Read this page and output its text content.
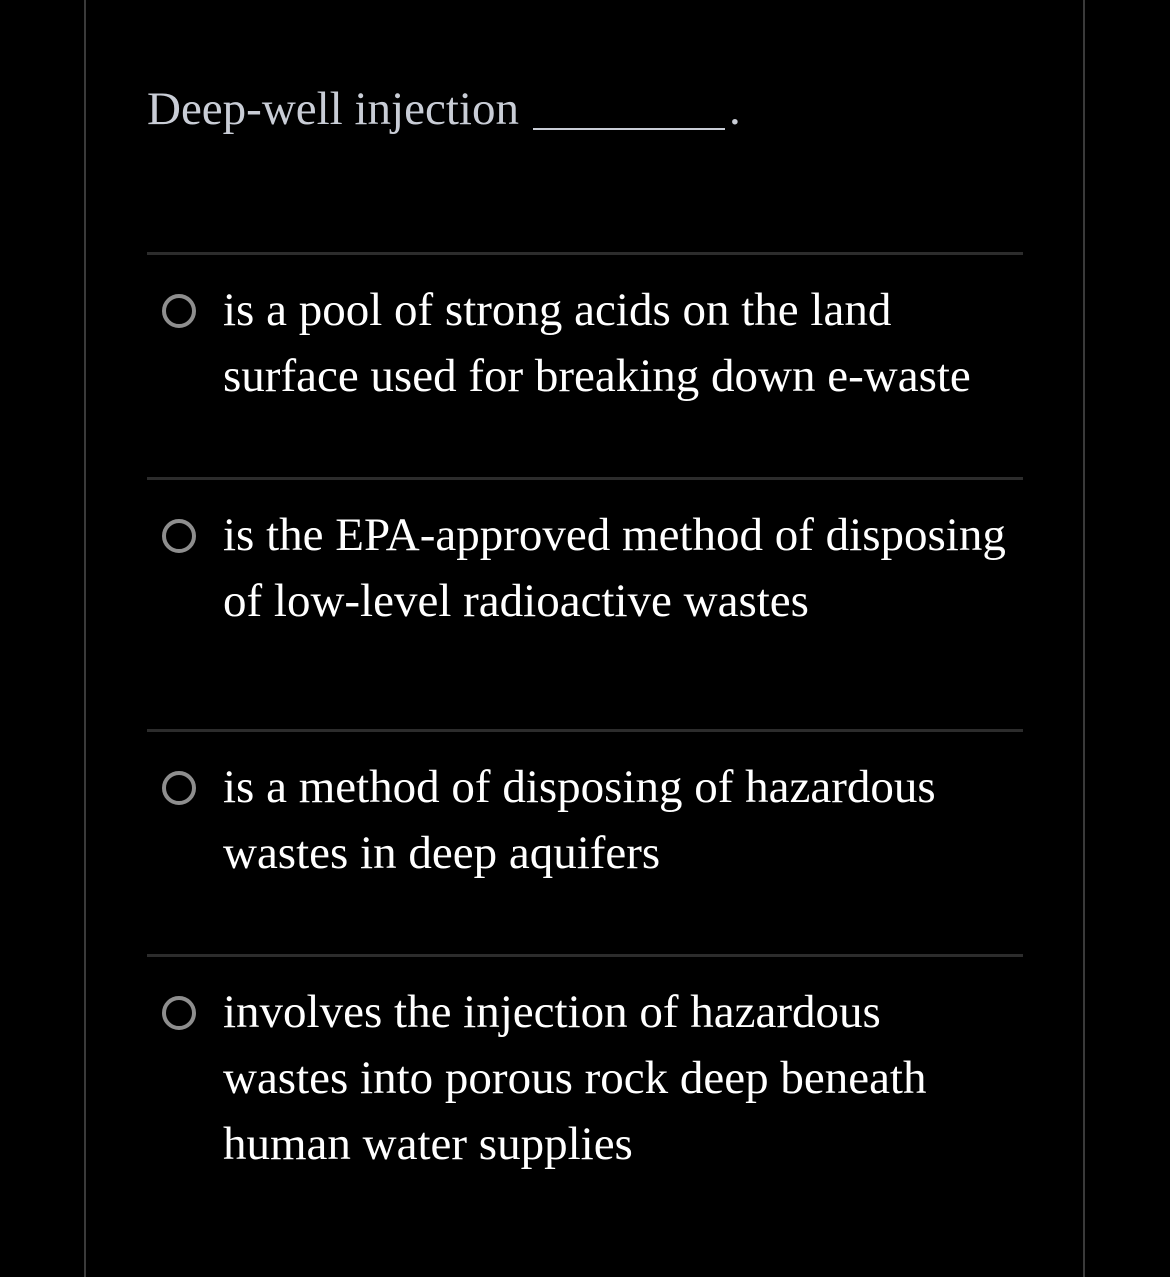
Deep-well injection	.
is a pool of strong acids on the land surface used for breaking down e-waste
is the EPA-approved method of disposing of low-level radioactive wastes
is a method of disposing of hazardous wastes in deep aquifers
involves the injection of hazardous wastes into porous rock deep beneath human water supplies
